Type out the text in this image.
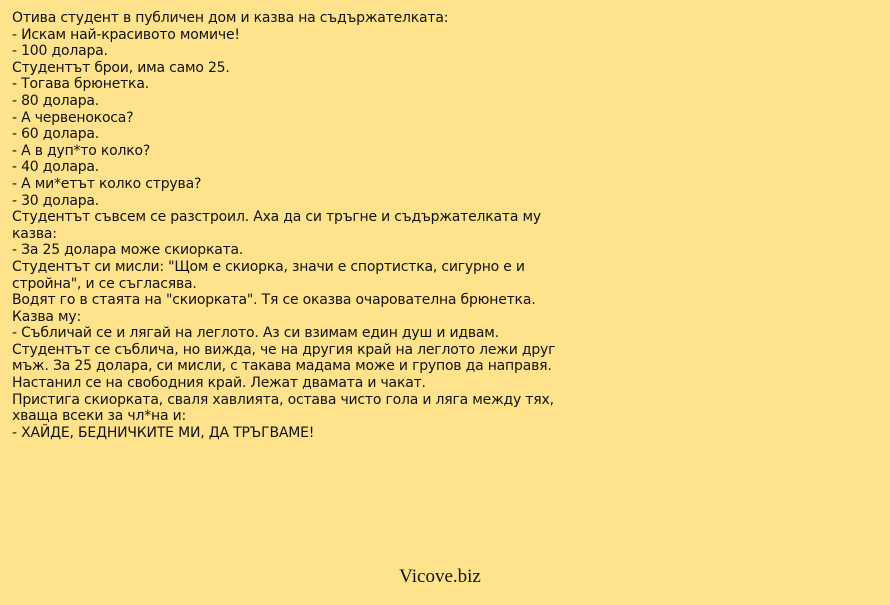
Отива студент в публичен дом и казва на съдържателката:
- Искам най-красивото момиче!
- 100 долара.
Студентът брои, има само 25.
- Тогава брюнетка.
- 80 долара.
- А червенокоса?
- 60 долара.
- А в дуп*то колко?
- 40 долара.
- А ми*етът колко струва?
- 30 долара.
Студентът съвсем се разстроил. Аха да си тръгне и съдържателката му казва:
- За 25 долара може скиорката.
Студентът си мисли: "Щом е скиорка, значи е спортистка, сигурно е и стройна", и се съгласява.
Водят го в стаята на "скиорката". Тя се оказва очарователна брюнетка. Казва му:
- Събличай се и лягай на леглото. Аз си взимам един душ и идвам.
Студентът се съблича, но вижда, че на другия край на леглото лежи друг мъж. За 25 долара, си мисли, с такава мадама може и групов да направя. Настанил се на свободния край. Лежат двамата и чакат.
Пристига скиорката, сваля хавлията, остава чисто гола и ляга между тях, хваща всеки за чл*на и:
- ХАЙДЕ, БЕДНИЧКИТЕ МИ, ДА ТРЪГВАМЕ!
Vicove.biz
